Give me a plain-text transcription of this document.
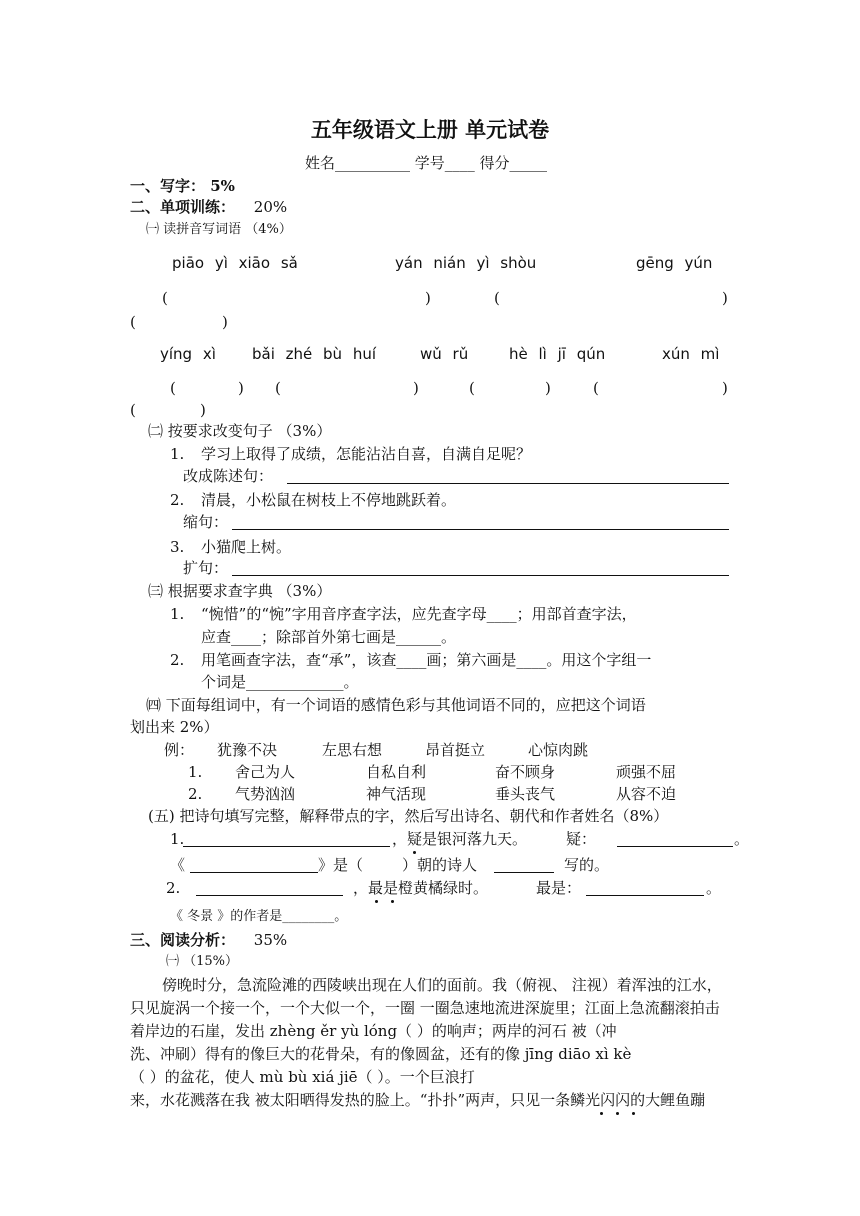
五年级语文上册 单元试卷
姓名__________ 学号____ 得分_____
一、写字： 5%
二、单项训练： 20%
㈠ 读拼音写词语 （4%）
piāo yì xiāo sǎ	yán nián yì shòu	gēng yún
(	)	(	)
(	)
yíng xì bǎi zhé bù huí	wǔ rǔ	hè lì jī qún	xún mì
(	) (	)	(	)	(	)
(	)
㈡ 按要求改变句子 （3%）
1. 学习上取得了成绩，怎能沾沾自喜，自满自足呢？
改成陈述句：
2. 清晨，小松鼠在树枝上不停地跳跃着。
缩句：
3. 小猫爬上树。
扩句：
㈢ 根据要求查字典 （3%）
1. “惋惜”的“惋”字用音序查字法，应先查字母____；用部首查字法，
应查____；除部首外第七画是______。
2. 用笔画查字法，查“承”，该查____画；第六画是____。用这个字组一
个词是_____________。
㈣ 下面每组词中，有一个词语的感情色彩与其他词语不同的，应把这个词语
划出来 2%）
例： 犹豫不决	左思右想	昂首挺立	心惊肉跳
1. 舍己为人	自私自利	奋不顾身	顽强不屈
2. 气势汹汹	神气活现	垂头丧气	从容不迫
(五) 把诗句填写完整，解释带点的字，然后写出诗名、朝代和作者姓名（8%）
1.	，疑是银河落九天。	疑：	。
《	》是（	）朝的诗人	写的。
2.	，最是橙黄橘绿时。	最是：	。
《 冬景 》的作者是________。
三、阅读分析： 35%
㈠ （15%）
傍晚时分，急流险滩的西陵峡出现在人们的面前。我（俯视、 注视）着浑浊的江水，
只见旋涡一个接一个，一个大似一个，一圈 一圈急速地流进深旋里；江面上急流翻滚拍击
着岸边的石崖，发出 zhèng ěr yù lóng（ ）的响声；两岸的河石 被（冲
洗、冲刷）得有的像巨大的花骨朵，有的像圆盆，还有的像 jīng diāo xì kè
（ ）的盆花，使人 mù bù xiá jiē（ ）。一个巨浪打
来，水花溅落在我 被太阳晒得发热的脸上。“扑扑”两声，只见一条鳞光闪闪的大鲤鱼蹦
